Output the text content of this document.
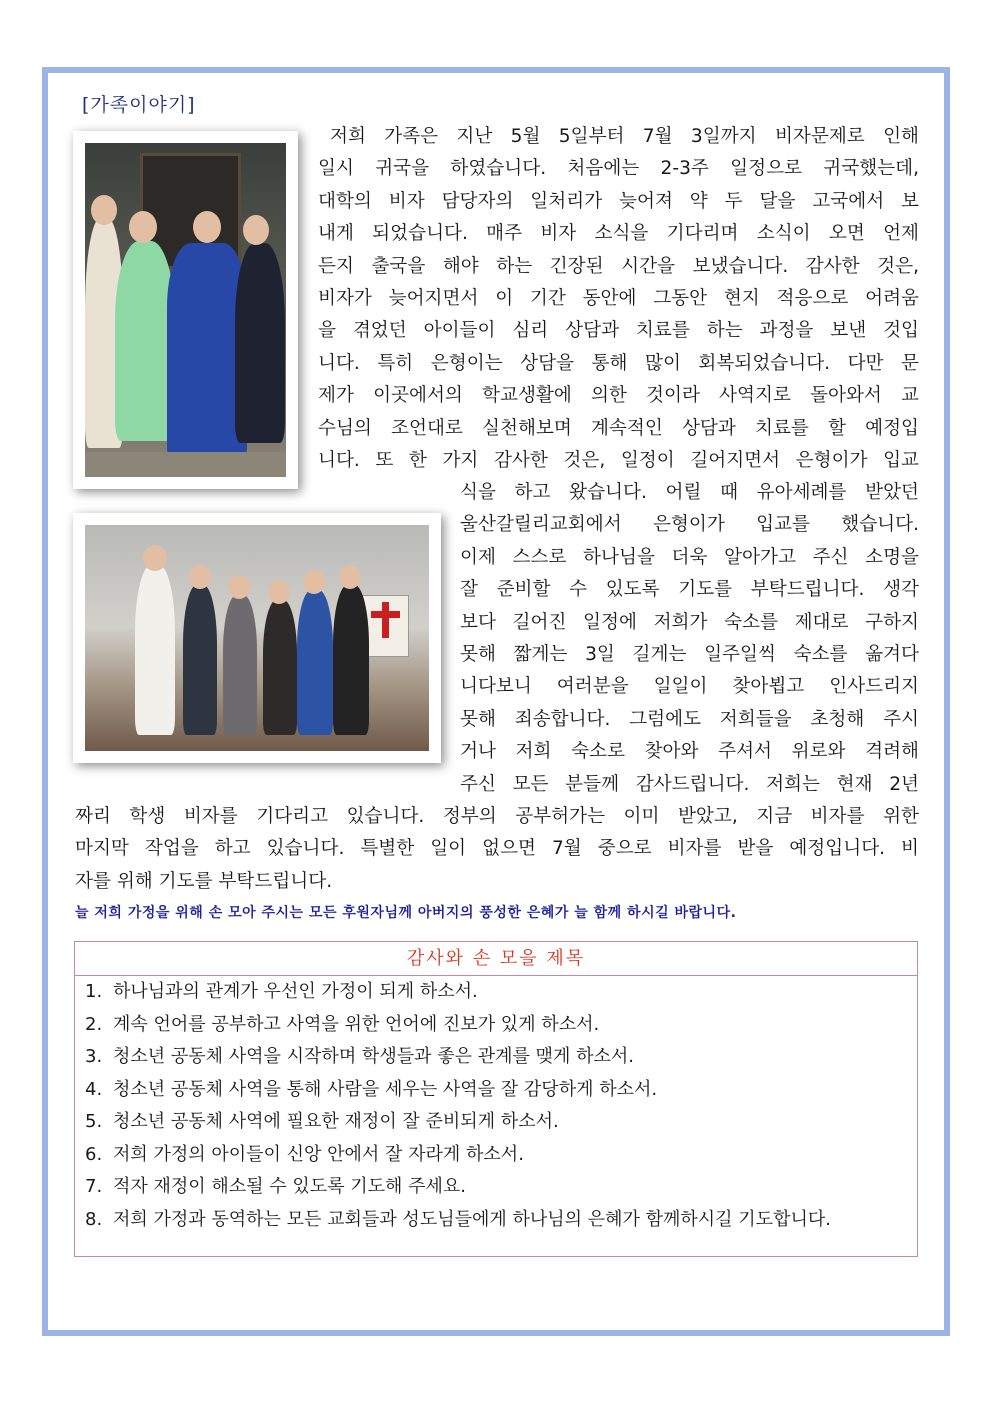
[가족이야기]
저희 가족은 지난 5월 5일부터 7월 3일까지 비자문제로 인해
일시 귀국을 하였습니다. 처음에는 2-3주 일정으로 귀국했는데,
대학의 비자 담당자의 일처리가 늦어져 약 두 달을 고국에서 보
내게 되었습니다. 매주 비자 소식을 기다리며 소식이 오면 언제
든지 출국을 해야 하는 긴장된 시간을 보냈습니다. 감사한 것은,
비자가 늦어지면서 이 기간 동안에 그동안 현지 적응으로 어려움
을 겪었던 아이들이 심리 상담과 치료를 하는 과정을 보낸 것입
니다. 특히 은형이는 상담을 통해 많이 회복되었습니다. 다만 문
제가 이곳에서의 학교생활에 의한 것이라 사역지로 돌아와서 교
수님의 조언대로 실천해보며 계속적인 상담과 치료를 할 예정입
니다. 또 한 가지 감사한 것은, 일정이 길어지면서 은형이가 입교
식을 하고 왔습니다. 어릴 때 유아세례를 받았던
울산갈릴리교회에서 은형이가 입교를 했습니다.
이제 스스로 하나님을 더욱 알아가고 주신 소명을
잘 준비할 수 있도록 기도를 부탁드립니다. 생각
보다 길어진 일정에 저희가 숙소를 제대로 구하지
못해 짧게는 3일 길게는 일주일씩 숙소를 옮겨다
니다보니 여러분을 일일이 찾아뵙고 인사드리지
못해 죄송합니다. 그럼에도 저희들을 초청해 주시
거나 저희 숙소로 찾아와 주셔서 위로와 격려해
주신 모든 분들께 감사드립니다. 저희는 현재 2년
짜리 학생 비자를 기다리고 있습니다. 정부의 공부허가는 이미 받았고, 지금 비자를 위한
마지막 작업을 하고 있습니다. 특별한 일이 없으면 7월 중으로 비자를 받을 예정입니다. 비
자를 위해 기도를 부탁드립니다.
늘 저희 가정을 위해 손 모아 주시는 모든 후원자님께 아버지의 풍성한 은혜가 늘 함께 하시길 바랍니다.
감사와 손 모을 제목
1. 하나님과의 관계가 우선인 가정이 되게 하소서.
2. 계속 언어를 공부하고 사역을 위한 언어에 진보가 있게 하소서.
3. 청소년 공동체 사역을 시작하며 학생들과 좋은 관계를 맺게 하소서.
4. 청소년 공동체 사역을 통해 사람을 세우는 사역을 잘 감당하게 하소서.
5. 청소년 공동체 사역에 필요한 재정이 잘 준비되게 하소서.
6. 저희 가정의 아이들이 신앙 안에서 잘 자라게 하소서.
7. 적자 재정이 해소될 수 있도록 기도해 주세요.
8. 저희 가정과 동역하는 모든 교회들과 성도님들에게 하나님의 은혜가 함께하시길 기도합니다.
